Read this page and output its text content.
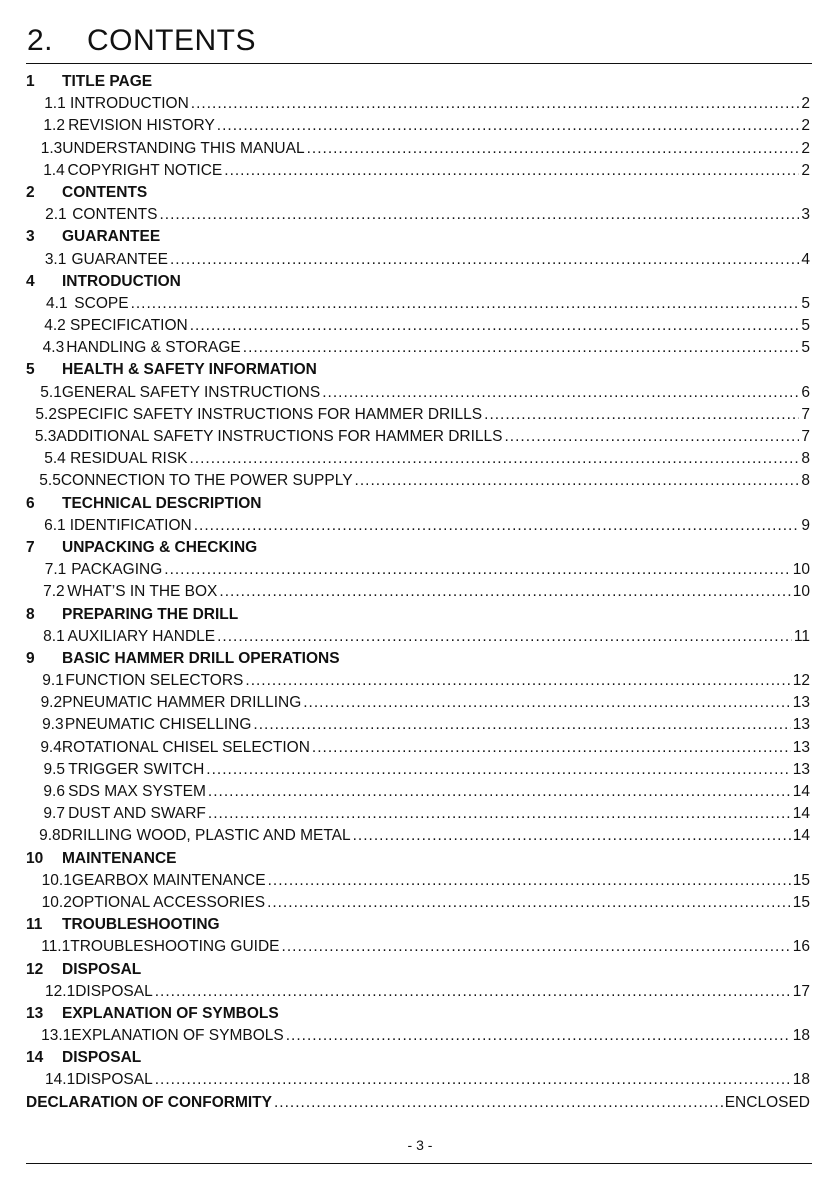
2.	CONTENTS
1	TITLE PAGE
1.1 INTRODUCTION .....	2
1.2 REVISION HISTORY .....	2
1.3 UNDERSTANDING THIS MANUAL .....	2
1.4 COPYRIGHT NOTICE .....	2
2	CONTENTS
2.1 CONTENTS .....	3
3	GUARANTEE
3.1 GUARANTEE .....	4
4	INTRODUCTION
4.1 SCOPE .....	5
4.2 SPECIFICATION .....	5
4.3 HANDLING & STORAGE .....	5
5	HEALTH & SAFETY INFORMATION
5.1 GENERAL SAFETY INSTRUCTIONS .....	6
5.2 SPECIFIC SAFETY INSTRUCTIONS FOR HAMMER DRILLS .....	7
5.3 ADDITIONAL SAFETY INSTRUCTIONS FOR HAMMER DRILLS .....	7
5.4 RESIDUAL RISK .....	8
5.5 CONNECTION TO THE POWER SUPPLY .....	8
6	TECHNICAL DESCRIPTION
6.1 IDENTIFICATION .....	9
7	UNPACKING & CHECKING
7.1 PACKAGING .....	10
7.2 WHAT’S IN THE BOX .....	10
8	PREPARING THE DRILL
8.1 AUXILIARY HANDLE .....	11
9	BASIC HAMMER DRILL OPERATIONS
9.1 FUNCTION SELECTORS .....	12
9.2 PNEUMATIC HAMMER DRILLING .....	13
9.3 PNEUMATIC CHISELLING .....	13
9.4 ROTATIONAL CHISEL SELECTION .....	13
9.5 TRIGGER SWITCH .....	13
9.6 SDS MAX SYSTEM .....	14
9.7 DUST AND SWARF .....	14
9.8 DRILLING WOOD, PLASTIC AND METAL .....	14
10	MAINTENANCE
10.1 GEARBOX MAINTENANCE .....	15
10.2 OPTIONAL ACCESSORIES .....	15
11	TROUBLESHOOTING
11.1 TROUBLESHOOTING GUIDE .....	16
12	DISPOSAL
12.1 DISPOSAL .....	17
13	EXPLANATION OF SYMBOLS
13.1 EXPLANATION OF SYMBOLS .....	18
14	DISPOSAL
14.1 DISPOSAL .....	18
DECLARATION OF CONFORMITY .....	ENCLOSED
- 3 -
